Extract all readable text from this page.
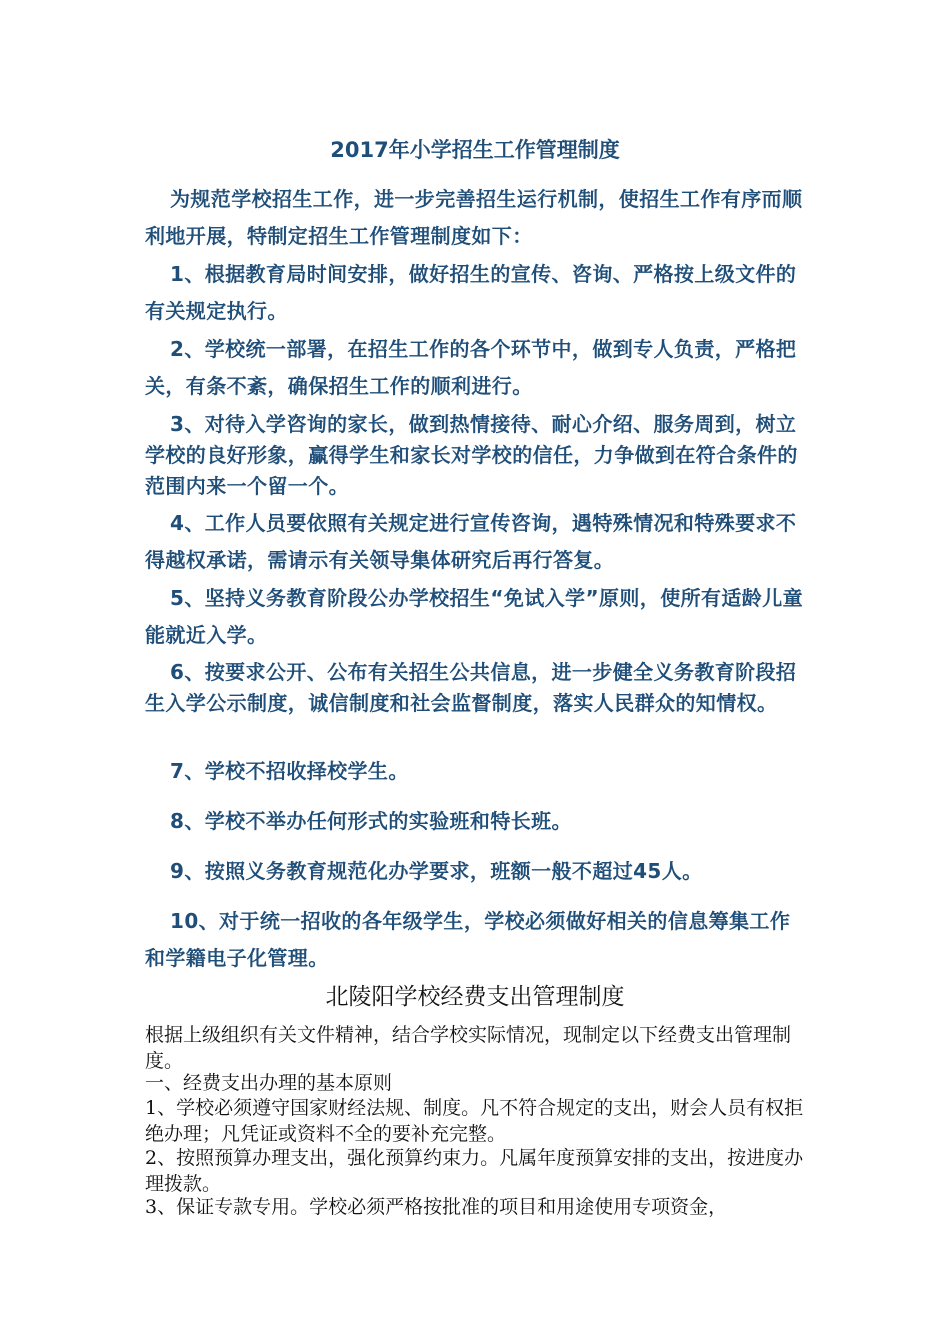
2017年小学招生工作管理制度
为规范学校招生工作，进一步完善招生运行机制，使招生工作有序而顺利地开展，特制定招生工作管理制度如下：
1、根据教育局时间安排，做好招生的宣传、咨询、严格按上级文件的有关规定执行。
2、学校统一部署，在招生工作的各个环节中，做到专人负责，严格把关，有条不紊，确保招生工作的顺利进行。
3、对待入学咨询的家长，做到热情接待、耐心介绍、服务周到，树立学校的良好形象，赢得学生和家长对学校的信任，力争做到在符合条件的范围内来一个留一个。
4、工作人员要依照有关规定进行宣传咨询，遇特殊情况和特殊要求不得越权承诺，需请示有关领导集体研究后再行答复。
5、坚持义务教育阶段公办学校招生“免试入学”原则，使所有适龄儿童能就近入学。
6、按要求公开、公布有关招生公共信息，进一步健全义务教育阶段招生入学公示制度，诚信制度和社会监督制度，落实人民群众的知情权。
7、学校不招收择校学生。
8、学校不举办任何形式的实验班和特长班。
9、按照义务教育规范化办学要求，班额一般不超过45人。
10、对于统一招收的各年级学生，学校必须做好相关的信息筹集工作和学籍电子化管理。
北陵阳学校经费支出管理制度
根据上级组织有关文件精神，结合学校实际情况，现制定以下经费支出管理制度。
一、经费支出办理的基本原则
1、学校必须遵守国家财经法规、制度。凡不符合规定的支出，财会人员有权拒绝办理；凡凭证或资料不全的要补充完整。
2、按照预算办理支出，强化预算约束力。凡属年度预算安排的支出，按进度办理拨款。
3、保证专款专用。学校必须严格按批准的项目和用途使用专项资金，
